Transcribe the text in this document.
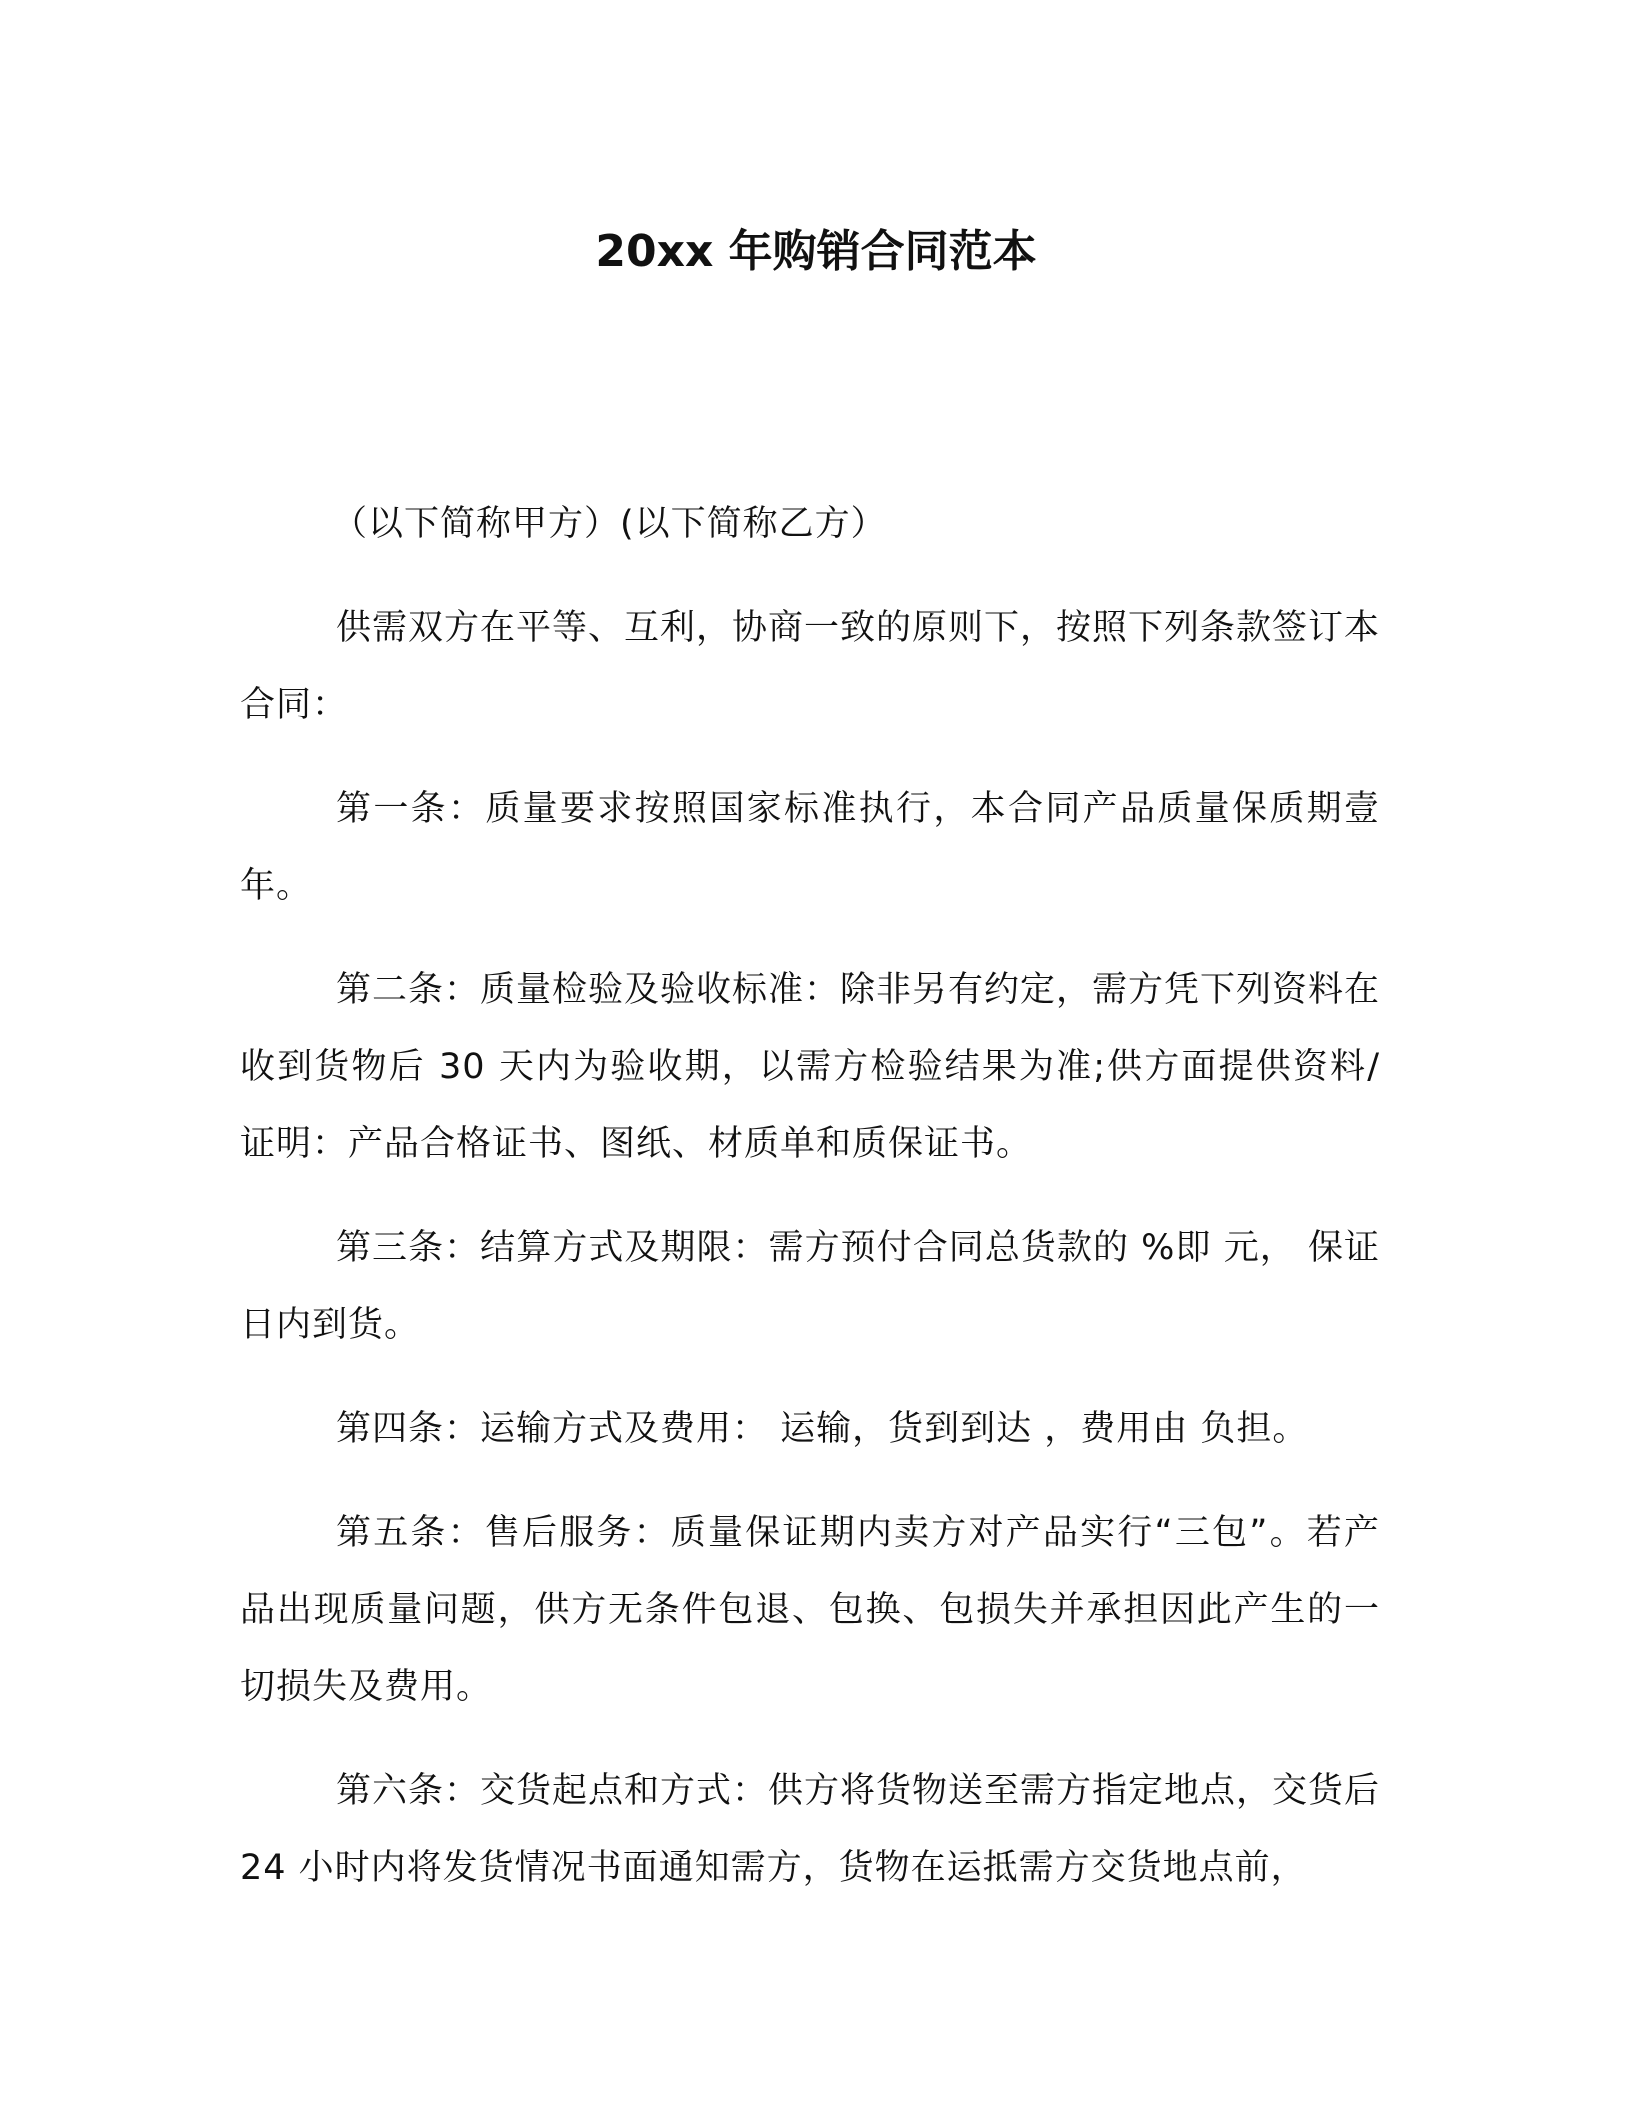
20xx 年购销合同范本

（以下简称甲方）(以下简称乙方）

供需双方在平等、互利，协商一致的原则下，按照下列条款签订本合同：

第一条：质量要求按照国家标准执行，本合同产品质量保质期壹年。

第二条：质量检验及验收标准：除非另有约定，需方凭下列资料在收到货物后 30 天内为验收期，以需方检验结果为准;供方面提供资料/证明：产品合格证书、图纸、材质单和质保证书。

第三条：结算方式及期限：需方预付合同总货款的 %即 元， 保证 日内到货。

第四条：运输方式及费用： 运输，货到到达 ，费用由 负担。

第五条：售后服务：质量保证期内卖方对产品实行“三包”。若产品出现质量问题，供方无条件包退、包换、包损失并承担因此产生的一切损失及费用。

第六条：交货起点和方式：供方将货物送至需方指定地点，交货后 24 小时内将发货情况书面通知需方，货物在运抵需方交货地点前，
